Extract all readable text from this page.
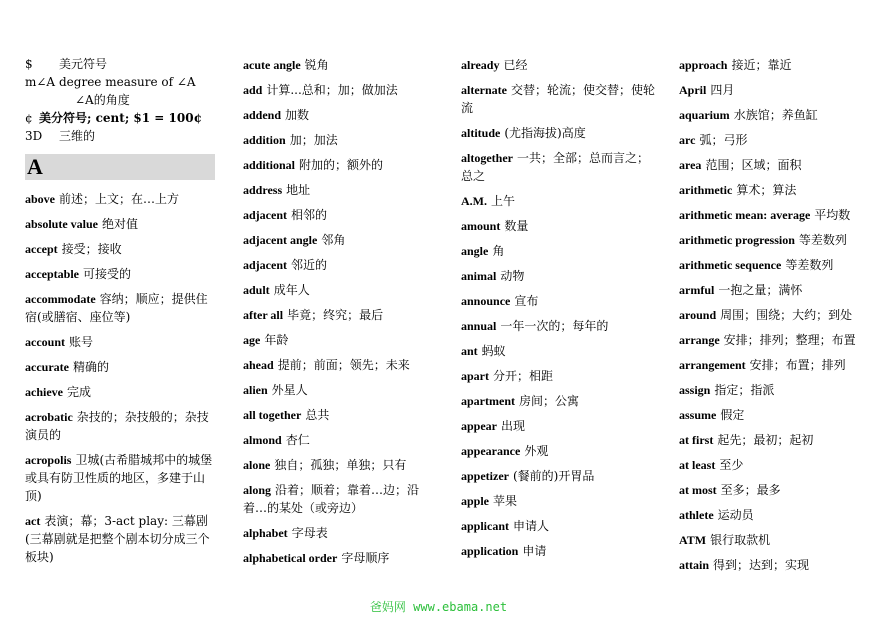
$ 美元符号
m∠A degree measure of ∠A
∠A的角度
¢ 美分符号; cent; $1 = 100¢
3D 三维的
A
above 前述；上文；在…上方
absolute value 绝对值
accept 接受；接收
acceptable 可接受的
accommodate 容纳；顺应；提供住宿(或膳宿、座位等)
account 账号
accurate 精确的
achieve 完成
acrobatic 杂技的；杂技般的；杂技演员的
acropolis 卫城(古希腊城邦中的城堡或具有防卫性质的地区，多建于山顶)
act 表演；幕；3-act play: 三幕剧(三幕剧就是把整个剧本切分成三个板块)
acute angle 锐角
add 计算...总和；加；做加法
addend 加数
addition 加；加法
additional 附加的；额外的
address 地址
adjacent 相邻的
adjacent angle 邻角
adjacent 邻近的
adult 成年人
after all 毕竟；终究；最后
age 年龄
ahead 提前；前面；领先；未来
alien 外星人
all together 总共
almond 杏仁
alone 独自；孤独；单独；只有
along 沿着；顺着；靠着…边；沿着…的某处（或旁边）
alphabet 字母表
alphabetical order 字母顺序
already 已经
alternate 交替；轮流；使交替；使轮流
altitude (尤指海拔)高度
altogether 一共；全部；总而言之；总之
A.M. 上午
amount 数量
angle 角
animal 动物
announce 宣布
annual 一年一次的；每年的
ant 蚂蚁
apart 分开；相距
apartment 房间；公寓
appear 出现
appearance 外观
appetizer (餐前的)开胃品
apple 苹果
applicant 申请人
application 申请
approach 接近；靠近
April 四月
aquarium 水族馆；养鱼缸
arc 弧；弓形
area 范围；区域；面积
arithmetic 算术；算法
arithmetic mean: average 平均数
arithmetic progression 等差数列
arithmetic sequence 等差数列
armful 一抱之量；满怀
around 周围；围绕；大约；到处
arrange 安排；排列；整理；布置
arrangement 安排；布置；排列
assign 指定；指派
assume 假定
at first 起先；最初；起初
at least 至少
at most 至多；最多
athlete 运动员
ATM 银行取款机
attain 得到；达到；实现
爸妈网 www.ebama.net
